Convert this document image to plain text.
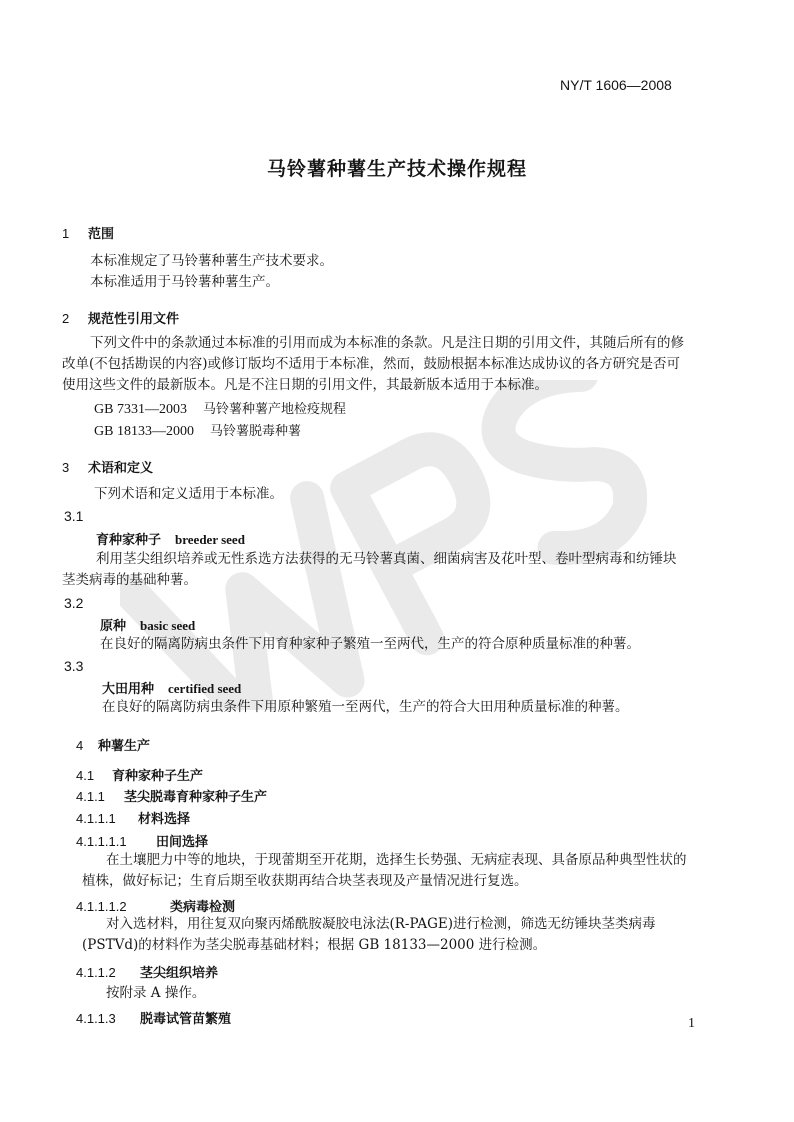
NY/T 1606—2008
马铃薯种薯生产技术操作规程
1 范围
本标准规定了马铃薯种薯生产技术要求。
本标准适用于马铃薯种薯生产。
2 规范性引用文件
下列文件中的条款通过本标准的引用而成为本标准的条款。凡是注日期的引用文件，其随后所有的修改单(不包括勘误的内容)或修订版均不适用于本标准，然而，鼓励根据本标准达成协议的各方研究是否可使用这些文件的最新版本。凡是不注日期的引用文件，其最新版本适用于本标准。
GB 7331—2003 马铃薯种薯产地检疫规程
GB 18133—2000 马铃薯脱毒种薯
3 术语和定义
下列术语和定义适用于本标准。
3.1
育种家种子 breeder seed
利用茎尖组织培养或无性系选方法获得的无马铃薯真菌、细菌病害及花叶型、卷叶型病毒和纺锤块茎类病毒的基础种薯。
3.2
原种 basic seed
在良好的隔离防病虫条件下用育种家种子繁殖一至两代，生产的符合原种质量标准的种薯。
3.3
大田用种 certified seed
在良好的隔离防病虫条件下用原种繁殖一至两代，生产的符合大田用种质量标准的种薯。
4 种薯生产
4.1 育种家种子生产
4.1.1 茎尖脱毒育种家种子生产
4.1.1.1 材料选择
4.1.1.1.1 田间选择
在土壤肥力中等的地块，于现蕾期至开花期，选择生长势强、无病症表现、具备原品种典型性状的植株，做好标记；生育后期至收获期再结合块茎表现及产量情况进行复选。
4.1.1.1.2	类病毒检测
对入选材料，用往复双向聚丙烯酰胺凝胶电泳法(R-PAGE)进行检测，筛选无纺锤块茎类病毒(PSTVd)的材料作为茎尖脱毒基础材料；根据 GB 18133—2000 进行检测。
4.1.1.2 茎尖组织培养
按附录 A 操作。
4.1.1.3 脱毒试管苗繁殖	1
